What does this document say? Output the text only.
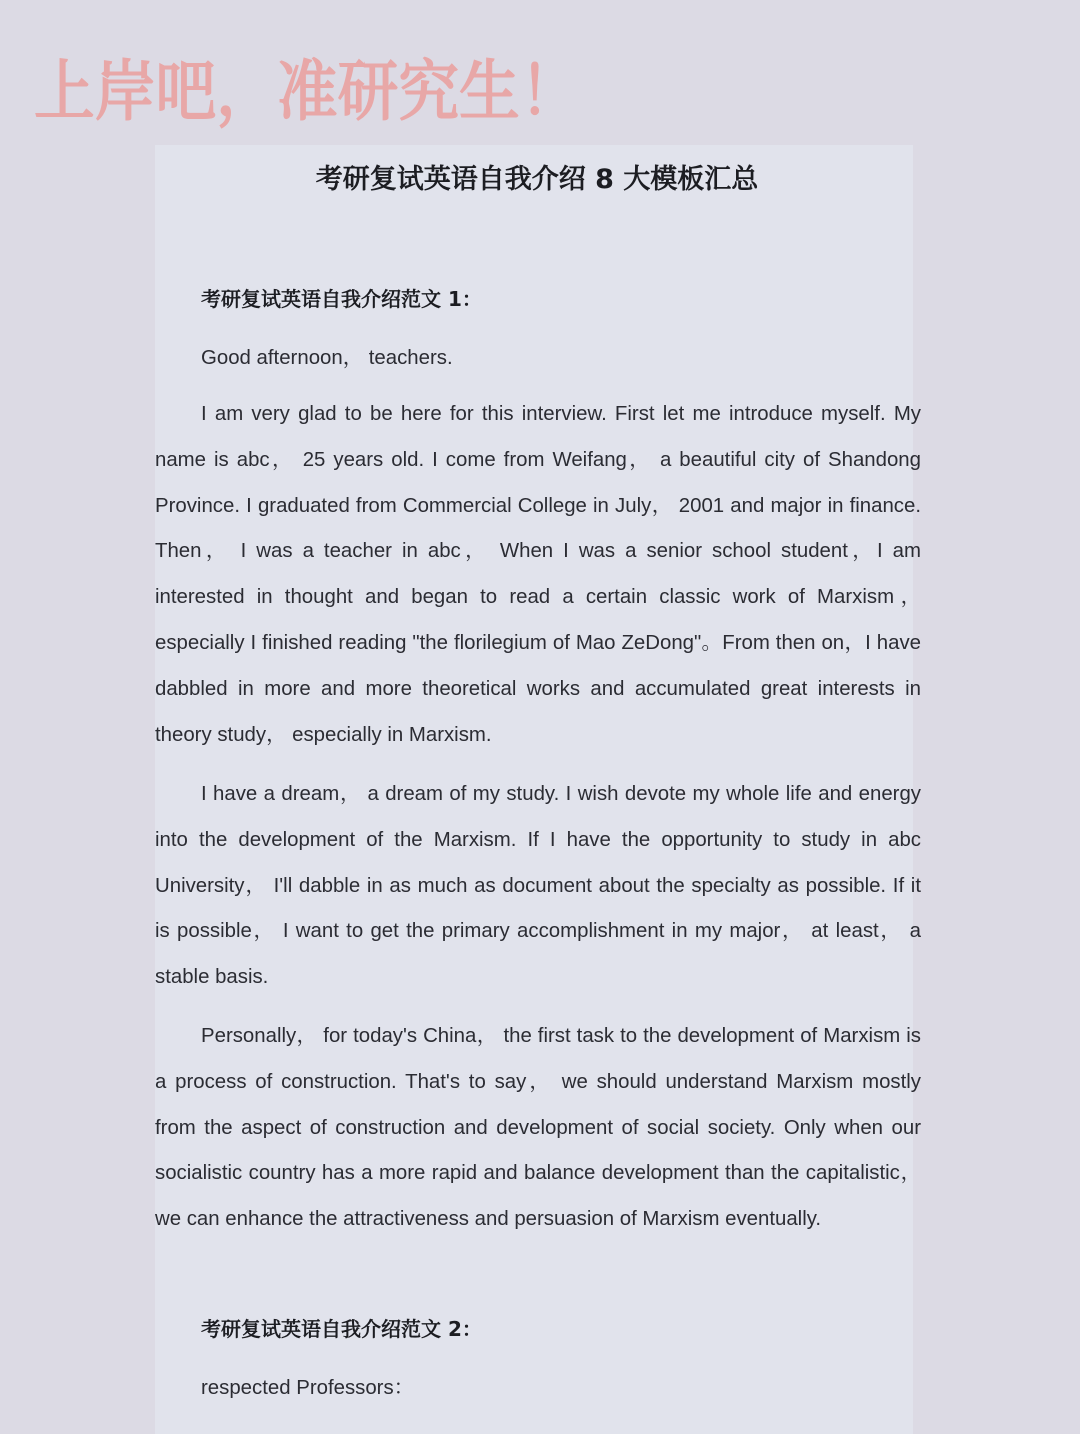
上岸吧，准研究生！
考研复试英语自我介绍 8 大模板汇总
考研复试英语自我介绍范文 1：
Good afternoon， teachers.
I am very glad to be here for this interview. First let me introduce myself. My name is abc， 25 years old. I come from Weifang， a beautiful city of Shandong Province. I graduated from Commercial College in July， 2001 and major in finance. Then， I was a teacher in abc， When I was a senior school student，I am interested in thought and began to read a certain classic work of Marxism，especially I finished reading "the florilegium of Mao ZeDong"。From then on，I have dabbled in more and more theoretical works and accumulated great interests in theory study， especially in Marxism.
I have a dream， a dream of my study. I wish devote my whole life and energy into the development of the Marxism. If I have the opportunity to study in abc University， I'll dabble in as much as document about the specialty as possible. If it is possible， I want to get the primary accomplishment in my major， at least， a stable basis.
Personally， for today's China， the first task to the development of Marxism is a process of construction. That's to say， we should understand Marxism mostly from the aspect of construction and development of social society. Only when our socialistic country has a more rapid and balance development than the capitalistic， we can enhance the attractiveness and persuasion of Marxism eventually.
考研复试英语自我介绍范文 2：
respected Professors：
